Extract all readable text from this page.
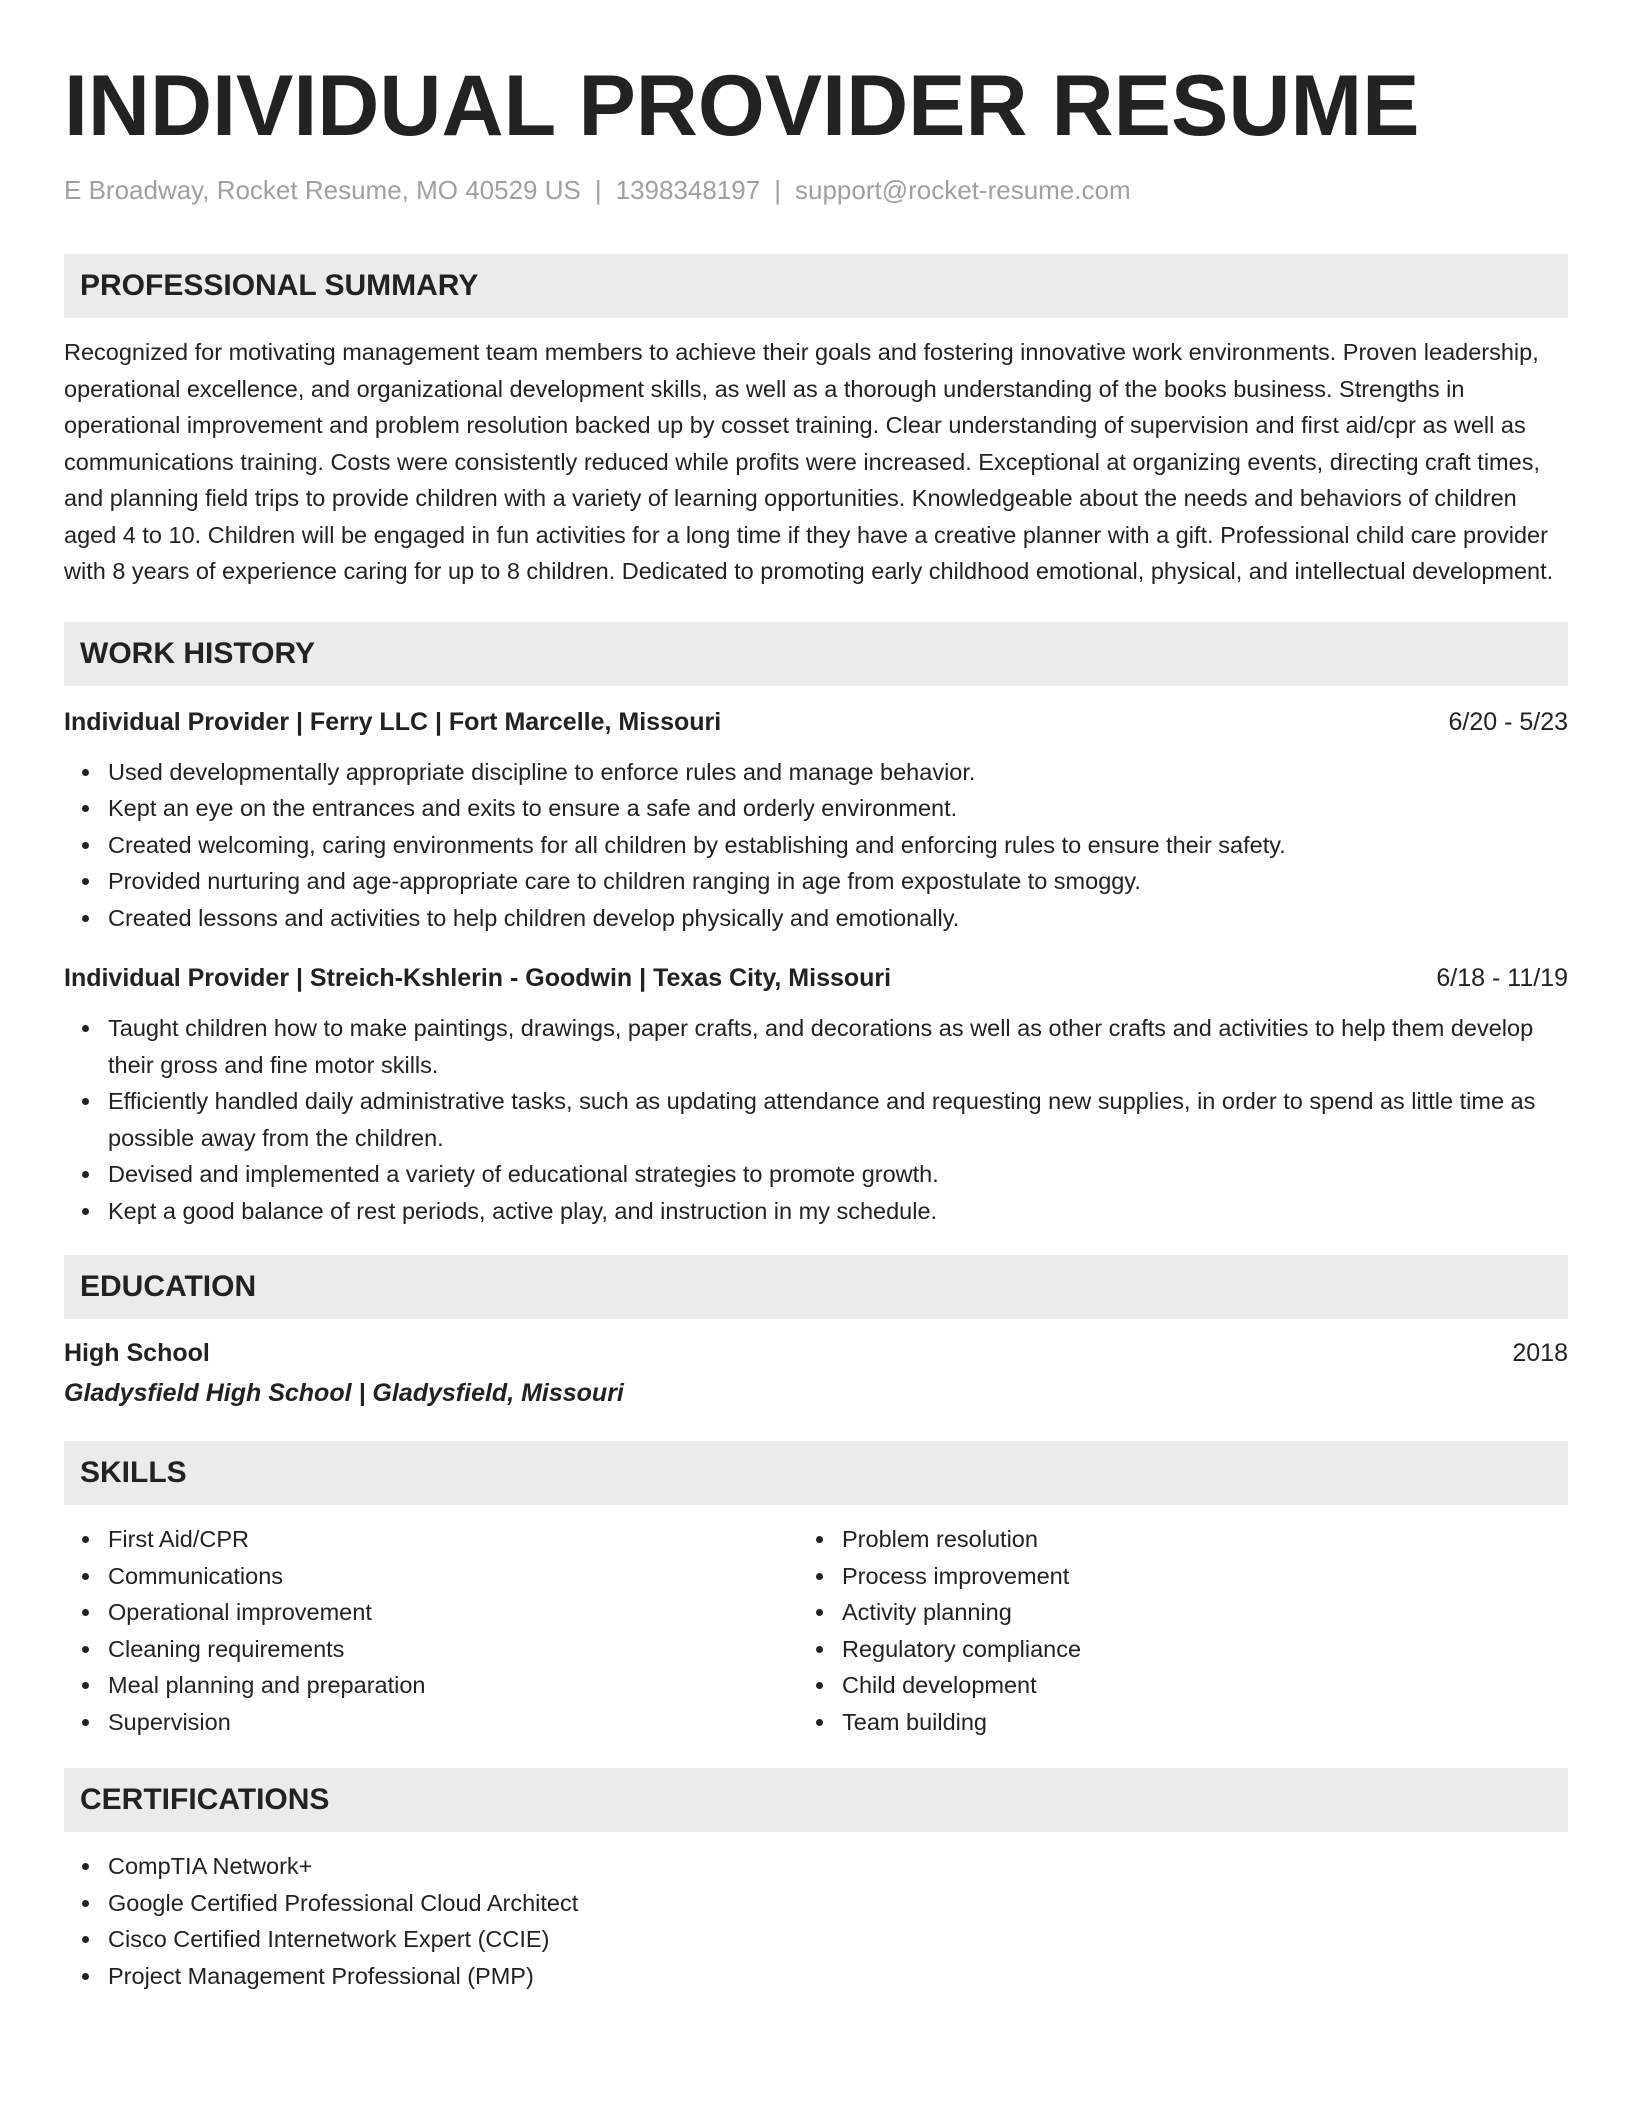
INDIVIDUAL PROVIDER RESUME
E Broadway, Rocket Resume, MO 40529 US | 1398348197 | support@rocket-resume.com
PROFESSIONAL SUMMARY
Recognized for motivating management team members to achieve their goals and fostering innovative work environments. Proven leadership, operational excellence, and organizational development skills, as well as a thorough understanding of the books business. Strengths in operational improvement and problem resolution backed up by cosset training. Clear understanding of supervision and first aid/cpr as well as communications training. Costs were consistently reduced while profits were increased. Exceptional at organizing events, directing craft times, and planning field trips to provide children with a variety of learning opportunities. Knowledgeable about the needs and behaviors of children aged 4 to 10. Children will be engaged in fun activities for a long time if they have a creative planner with a gift. Professional child care provider with 8 years of experience caring for up to 8 children. Dedicated to promoting early childhood emotional, physical, and intellectual development.
WORK HISTORY
Individual Provider | Ferry LLC | Fort Marcelle, Missouri	6/20 - 5/23
Used developmentally appropriate discipline to enforce rules and manage behavior.
Kept an eye on the entrances and exits to ensure a safe and orderly environment.
Created welcoming, caring environments for all children by establishing and enforcing rules to ensure their safety.
Provided nurturing and age-appropriate care to children ranging in age from expostulate to smoggy.
Created lessons and activities to help children develop physically and emotionally.
Individual Provider | Streich-Kshlerin - Goodwin | Texas City, Missouri	6/18 - 11/19
Taught children how to make paintings, drawings, paper crafts, and decorations as well as other crafts and activities to help them develop their gross and fine motor skills.
Efficiently handled daily administrative tasks, such as updating attendance and requesting new supplies, in order to spend as little time as possible away from the children.
Devised and implemented a variety of educational strategies to promote growth.
Kept a good balance of rest periods, active play, and instruction in my schedule.
EDUCATION
High School	2018
Gladysfield High School | Gladysfield, Missouri
SKILLS
First Aid/CPR
Communications
Operational improvement
Cleaning requirements
Meal planning and preparation
Supervision
Problem resolution
Process improvement
Activity planning
Regulatory compliance
Child development
Team building
CERTIFICATIONS
CompTIA Network+
Google Certified Professional Cloud Architect
Cisco Certified Internetwork Expert (CCIE)
Project Management Professional (PMP)
